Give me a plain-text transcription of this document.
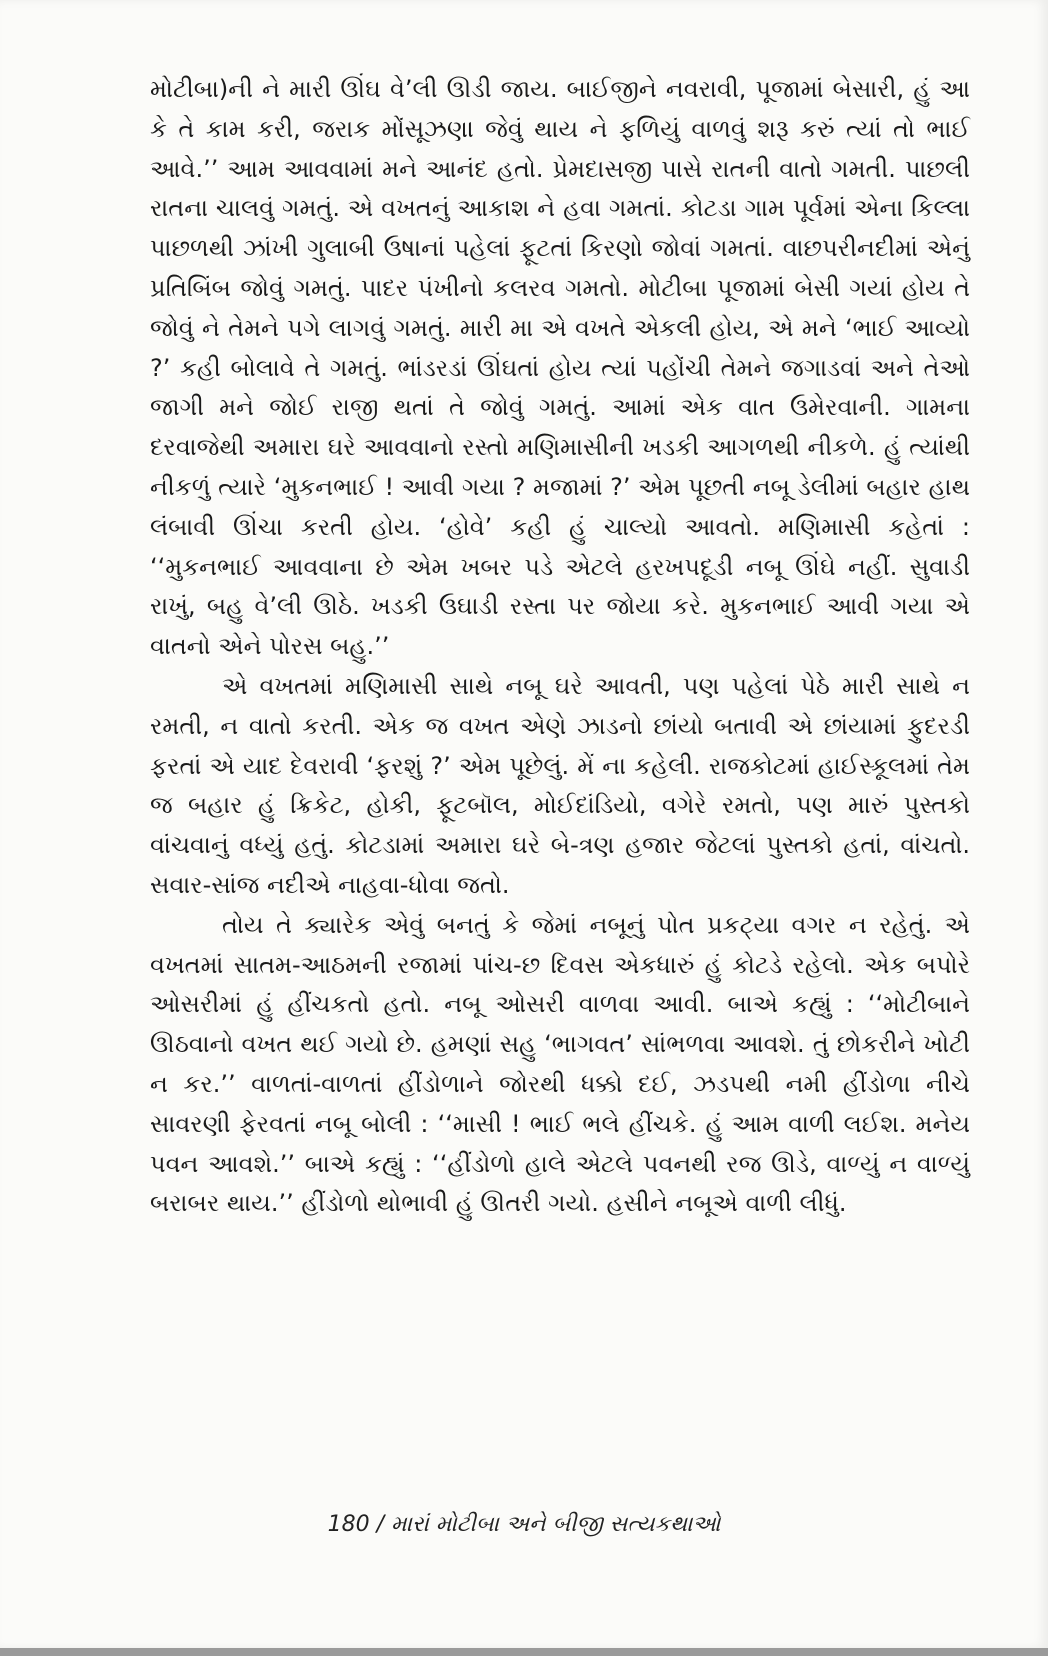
મોટીબા)ની ને મારી ઊંઘ વે’લી ઊડી જાય. બાઈજીને નવરાવી, પૂજામાં બેસારી, હું આ કે તે કામ કરી, જરાક મોંસૂઝણા જેવું થાય ને ફળિયું વાળવું શરૂ કરું ત્યાં તો ભાઈ આવે.’’ આમ આવવામાં મને આનંદ હતો. પ્રેમદાસજી પાસે રાતની વાતો ગમતી. પાછલી રાતના ચાલવું ગમતું. એ વખતનું આકાશ ને હવા ગમતાં. કોટડા ગામ પૂર્વમાં એના કિલ્લા પાછળથી ઝાંખી ગુલાબી ઉષાનાં પહેલાં ફૂટતાં કિરણો જોવાં ગમતાં. વાછપરીનદીમાં એનું પ્રતિબિંબ જોવું ગમતું. પાદર પંખીનો કલરવ ગમતો. મોટીબા પૂજામાં બેસી ગયાં હોય તે જોવું ને તેમને પગે લાગવું ગમતું. મારી મા એ વખતે એકલી હોય, એ મને ‘ભાઈ આવ્યો ?’ કહી બોલાવે તે ગમતું. ભાંડરડાં ઊંઘતાં હોય ત્યાં પહોંચી તેમને જગાડવાં અને તેઓ જાગી મને જોઈ રાજી થતાં તે જોવું ગમતું. આમાં એક વાત ઉમેરવાની. ગામના દરવાજેથી અમારા ઘરે આવવાનો રસ્તો મણિમાસીની ખડકી આગળથી નીકળે. હું ત્યાંથી નીકળું ત્યારે ‘મુકનભાઈ ! આવી ગયા ? મજામાં ?’ એમ પૂછતી નબૂ ડેલીમાં બહાર હાથ લંબાવી ઊંચા કરતી હોય. ‘હોવે’ કહી હું ચાલ્યો આવતો. મણિમાસી કહેતાં : ‘‘મુકનભાઈ આવવાના છે એમ ખબર પડે એટલે હરખપદૂડી નબૂ ઊંઘે નહીં. સુવાડી રાખું, બહુ વે’લી ઊઠે. ખડકી ઉઘાડી રસ્તા પર જોયા કરે. મુકનભાઈ આવી ગયા એ વાતનો એને પોરસ બહુ.’’

એ વખતમાં મણિમાસી સાથે નબૂ ઘરે આવતી, પણ પહેલાં પેઠે મારી સાથે ન રમતી, ન વાતો કરતી. એક જ વખત એણે ઝાડનો છાંયો બતાવી એ છાંયામાં ફુદરડી ફરતાં એ યાદ દેવરાવી ‘ફરશું ?’ એમ પૂછેલું. મેં ના કહેલી. રાજકોટમાં હાઈસ્કૂલમાં તેમ જ બહાર હું ક્રિકેટ, હોકી, ફૂટબૉલ, મોઈદાંડિયો, વગેરે રમતો, પણ મારું પુસ્તકો વાંચવાનું વધ્યું હતું. કોટડામાં અમારા ઘરે બે-ત્રણ હજાર જેટલાં પુસ્તકો હતાં, વાંચતો. સવાર-સાંજ નદીએ નાહવા-ધોવા જતો.

તોય તે ક્યારેક એવું બનતું કે જેમાં નબૂનું પોત પ્રકટ્યા વગર ન રહેતું. એ વખતમાં સાતમ-આઠમની રજામાં પાંચ-છ દિવસ એકધારું હું કોટડે રહેલો. એક બપોરે ઓસરીમાં હું હીંચકતો હતો. નબૂ ઓસરી વાળવા આવી. બાએ કહ્યું : ‘‘મોટીબાને ઊઠવાનો વખત થઈ ગયો છે. હમણાં સહુ ‘ભાગવત’ સાંભળવા આવશે. તું છોકરીને ખોટી ન કર.’’ વાળતાં-વાળતાં હીંડોળાને જોરથી ધક્કો દઈ, ઝડપથી નમી હીંડોળા નીચે સાવરણી ફેરવતાં નબૂ બોલી : ‘‘માસી ! ભાઈ ભલે હીંચકે. હું આમ વાળી લઈશ. મનેય પવન આવશે.’’ બાએ કહ્યું : ‘‘હીંડોળો હાલે એટલે પવનથી રજ ઊડે, વાળ્યું ન વાળ્યું બરાબર થાય.’’ હીંડોળો થોભાવી હું ઊતરી ગયો. હસીને નબૂએ વાળી લીધું.

180 / મારાં મોટીબા અને બીજી સત્યકથાઓ
